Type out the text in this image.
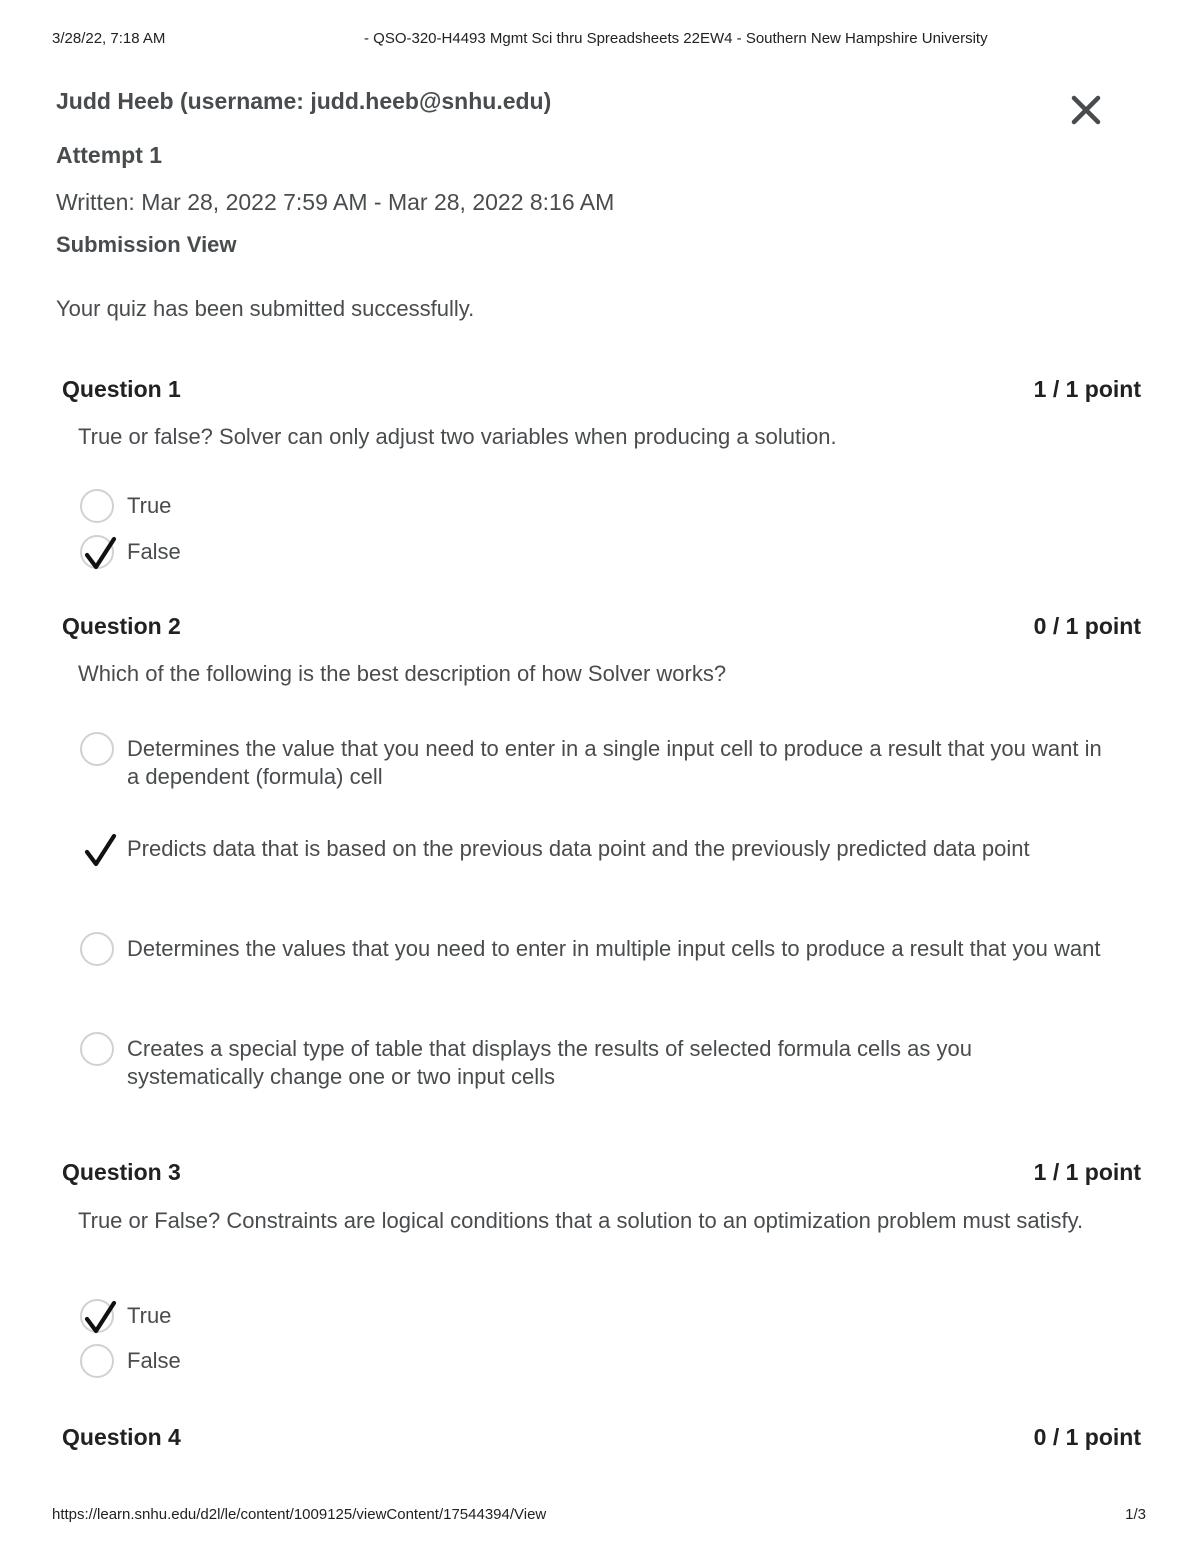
3/28/22, 7:18 AM	- QSO-320-H4493 Mgmt Sci thru Spreadsheets 22EW4 - Southern New Hampshire University
Judd Heeb (username: judd.heeb@snhu.edu)
Attempt 1
Written: Mar 28, 2022 7:59 AM - Mar 28, 2022 8:16 AM
Submission View
Your quiz has been submitted successfully.
Question 1	1 / 1 point
True or false? Solver can only adjust two variables when producing a solution.
True
False
Question 2	0 / 1 point
Which of the following is the best description of how Solver works?
Determines the value that you need to enter in a single input cell to produce a result that you want in a dependent (formula) cell
Predicts data that is based on the previous data point and the previously predicted data point
Determines the values that you need to enter in multiple input cells to produce a result that you want
Creates a special type of table that displays the results of selected formula cells as you systematically change one or two input cells
Question 3	1 / 1 point
True or False? Constraints are logical conditions that a solution to an optimization problem must satisfy.
True
False
Question 4	0 / 1 point
https://learn.snhu.edu/d2l/le/content/1009125/viewContent/17544394/View	1/3
